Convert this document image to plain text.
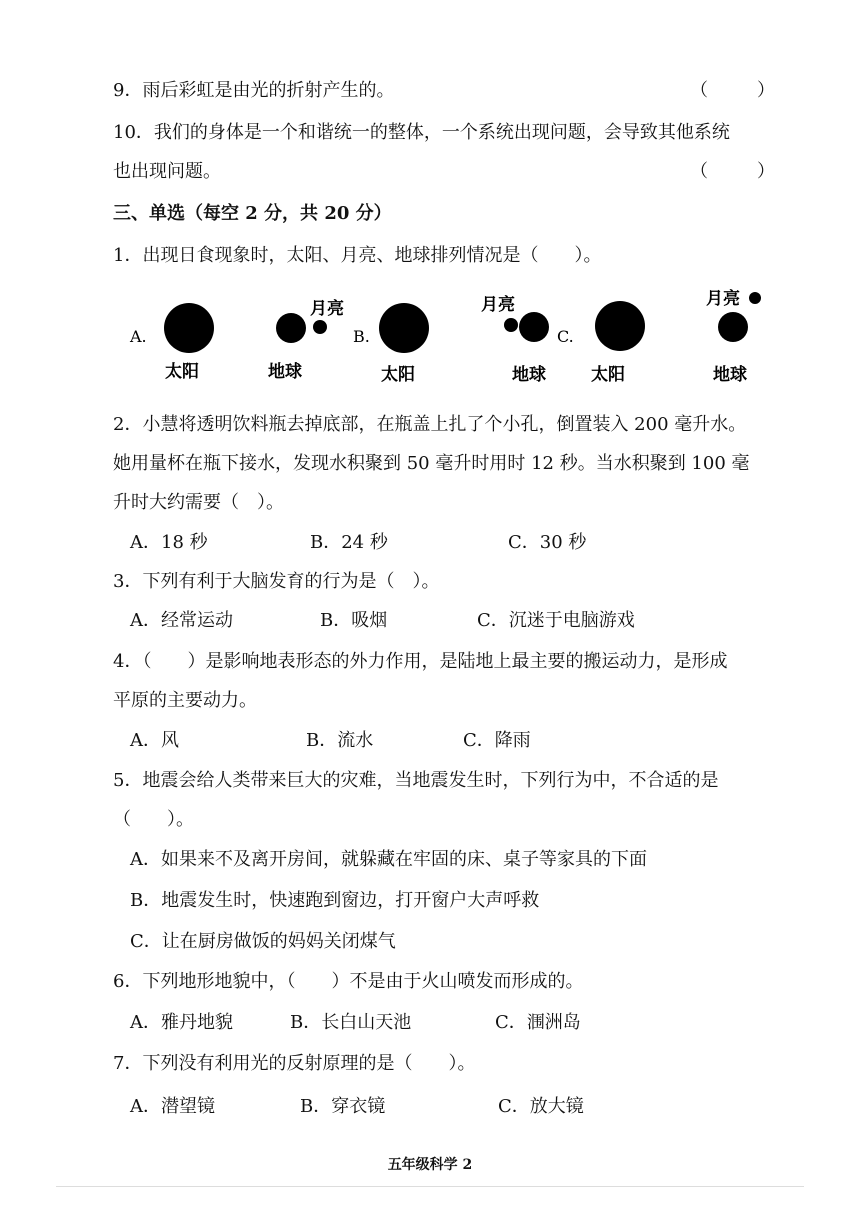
9．雨后彩虹是由光的折射产生的。	（	）
10．我们的身体是一个和谐统一的整体，一个系统出现问题，会导致其他系统
也出现问题。	（	）
三、单选（每空 2 分，共 20 分）
1．出现日食现象时，太阳、月亮、地球排列情况是（　　）。
A.
月亮
太阳	地球
B.
月亮
太阳	地球
C.
月亮
太阳	地球
2．小慧将透明饮料瓶去掉底部，在瓶盖上扎了个小孔，倒置装入 200 毫升水。
她用量杯在瓶下接水，发现水积聚到 50 毫升时用时 12 秒。当水积聚到 100 毫
升时大约需要（　）。
A．18 秒	B．24 秒	C．30 秒
3．下列有利于大脑发育的行为是（　）。
A．经常运动	B．吸烟	C．沉迷于电脑游戏
4．（　　）是影响地表形态的外力作用，是陆地上最主要的搬运动力，是形成
平原的主要动力。
A．风	B．流水	C．降雨
5．地震会给人类带来巨大的灾难，当地震发生时，下列行为中，不合适的是
（　　）。
A．如果来不及离开房间，就躲藏在牢固的床、桌子等家具的下面
B．地震发生时，快速跑到窗边，打开窗户大声呼救
C．让在厨房做饭的妈妈关闭煤气
6．下列地形地貌中，（　　）不是由于火山喷发而形成的。
A．雅丹地貌	B．长白山天池	C．涠洲岛
7．下列没有利用光的反射原理的是（　　）。
A．潜望镜	B．穿衣镜	C．放大镜
五年级科学 2
